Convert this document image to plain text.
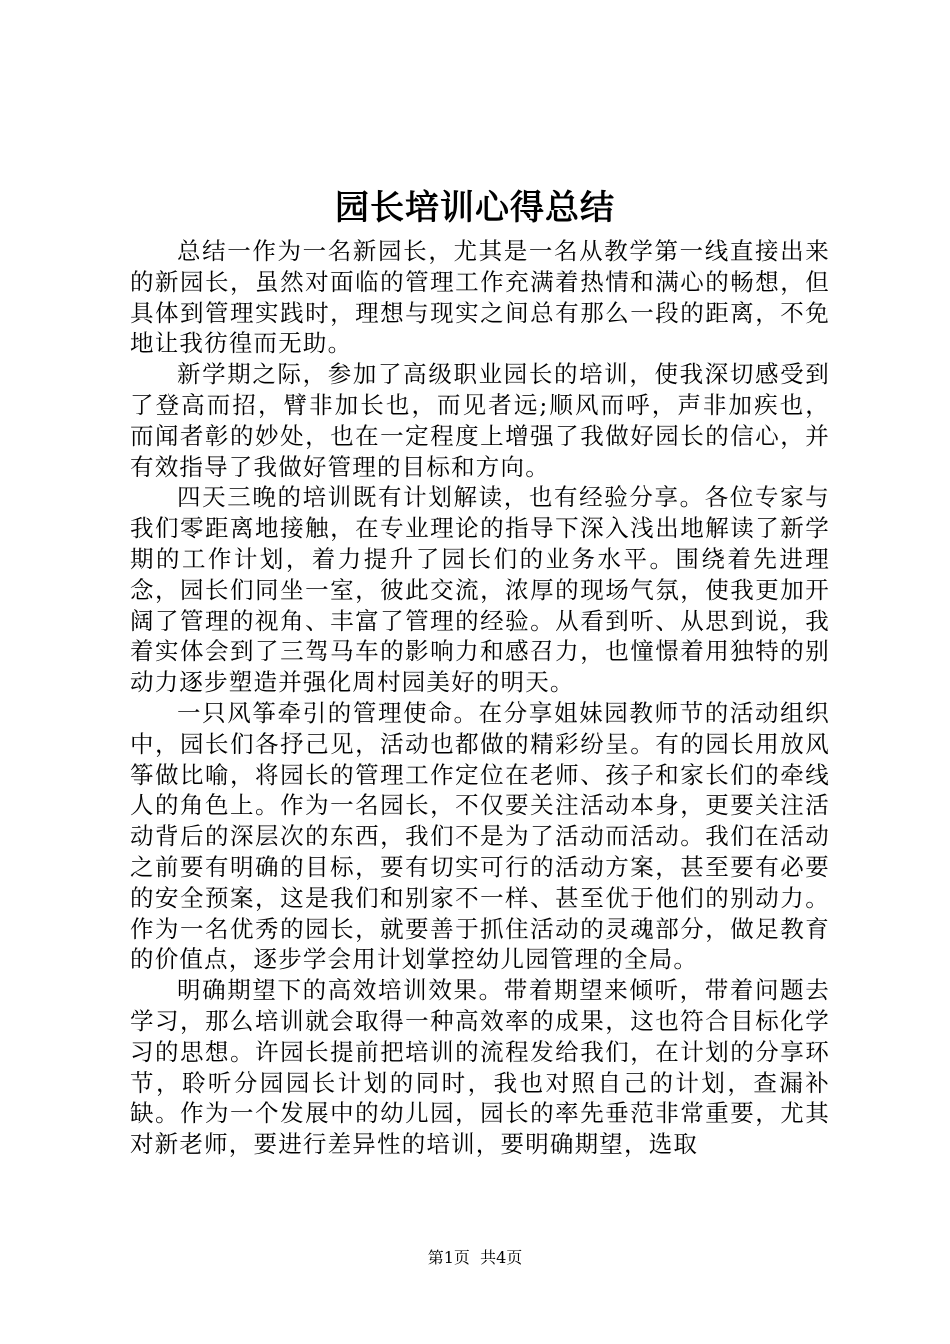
园长培训心得总结

总结一作为一名新园长，尤其是一名从教学第一线直接出来的新园长，虽然对面临的管理工作充满着热情和满心的畅想，但具体到管理实践时，理想与现实之间总有那么一段的距离，不免地让我彷徨而无助。

新学期之际，参加了高级职业园长的培训，使我深切感受到了登高而招，臂非加长也，而见者远;顺风而呼，声非加疾也，而闻者彰的妙处，也在一定程度上增强了我做好园长的信心，并有效指导了我做好管理的目标和方向。

四天三晚的培训既有计划解读，也有经验分享。各位专家与我们零距离地接触，在专业理论的指导下深入浅出地解读了新学期的工作计划，着力提升了园长们的业务水平。围绕着先进理念，园长们同坐一室，彼此交流，浓厚的现场气氛，使我更加开阔了管理的视角、丰富了管理的经验。从看到听、从思到说，我着实体会到了三驾马车的影响力和感召力，也憧憬着用独特的别动力逐步塑造并强化周村园美好的明天。

一只风筝牵引的管理使命。在分享姐妹园教师节的活动组织中，园长们各抒己见，活动也都做的精彩纷呈。有的园长用放风筝做比喻，将园长的管理工作定位在老师、孩子和家长们的牵线人的角色上。作为一名园长，不仅要关注活动本身，更要关注活动背后的深层次的东西，我们不是为了活动而活动。我们在活动之前要有明确的目标，要有切实可行的活动方案，甚至要有必要的安全预案，这是我们和别家不一样、甚至优于他们的别动力。作为一名优秀的园长，就要善于抓住活动的灵魂部分，做足教育的价值点，逐步学会用计划掌控幼儿园管理的全局。

明确期望下的高效培训效果。带着期望来倾听，带着问题去学习，那么培训就会取得一种高效率的成果，这也符合目标化学习的思想。许园长提前把培训的流程发给我们，在计划的分享环节，聆听分园园长计划的同时，我也对照自己的计划，查漏补缺。作为一个发展中的幼儿园，园长的率先垂范非常重要，尤其对新老师，要进行差异性的培训，要明确期望，选取

第1页 共4页
